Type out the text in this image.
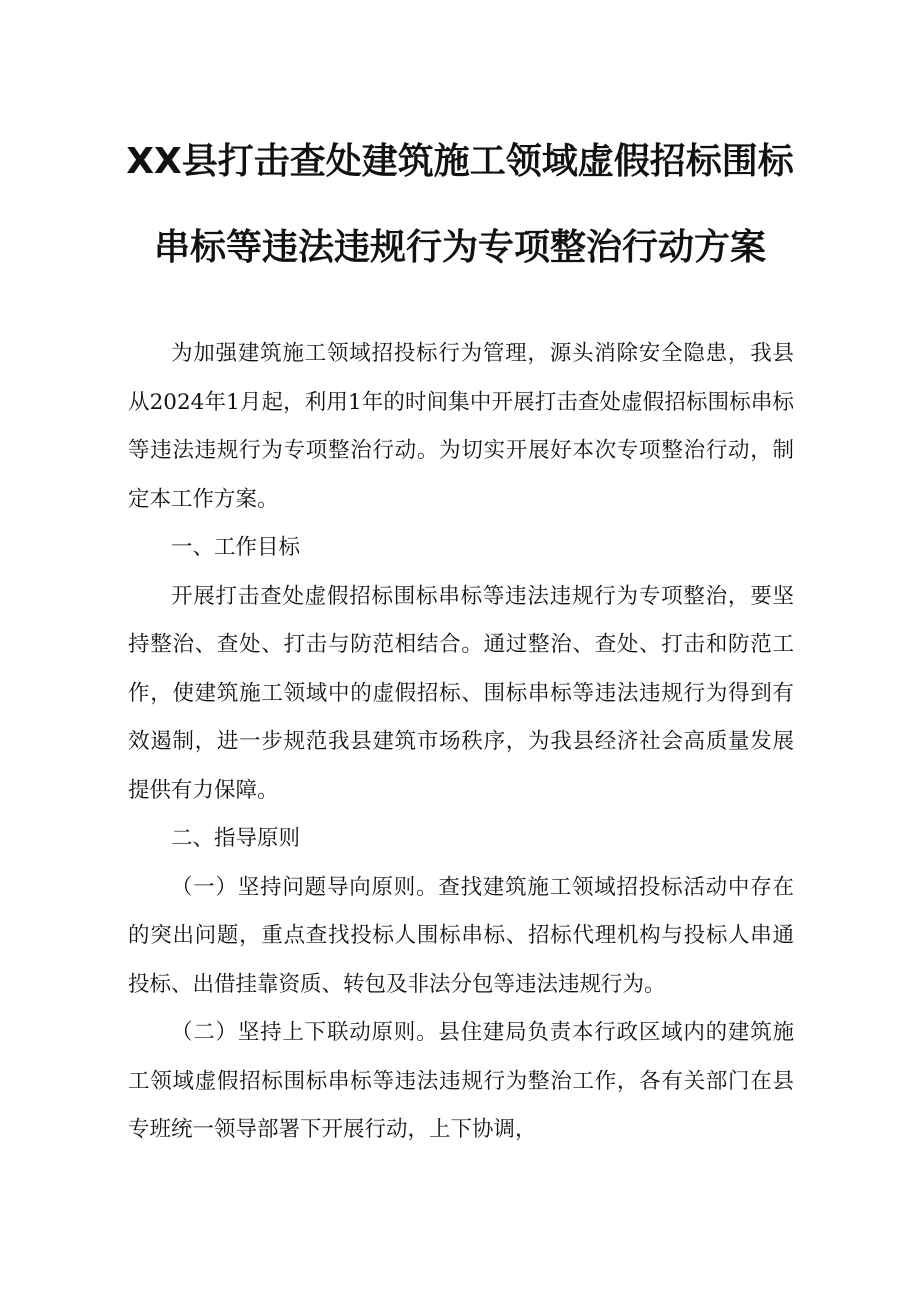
XX县打击查处建筑施工领域虚假招标围标
串标等违法违规行为专项整治行动方案

为加强建筑施工领域招投标行为管理，源头消除安全隐患，我县从2024年1月起，利用1年的时间集中开展打击查处虚假招标围标串标等违法违规行为专项整治行动。为切实开展好本次专项整治行动，制定本工作方案。

一、工作目标

开展打击查处虚假招标围标串标等违法违规行为专项整治，要坚持整治、查处、打击与防范相结合。通过整治、查处、打击和防范工作，使建筑施工领域中的虚假招标、围标串标等违法违规行为得到有效遏制，进一步规范我县建筑市场秩序，为我县经济社会高质量发展提供有力保障。

二、指导原则

（一）坚持问题导向原则。查找建筑施工领域招投标活动中存在的突出问题，重点查找投标人围标串标、招标代理机构与投标人串通投标、出借挂靠资质、转包及非法分包等违法违规行为。

（二）坚持上下联动原则。县住建局负责本行政区域内的建筑施工领域虚假招标围标串标等违法违规行为整治工作，各有关部门在县专班统一领导部署下开展行动，上下协调，
